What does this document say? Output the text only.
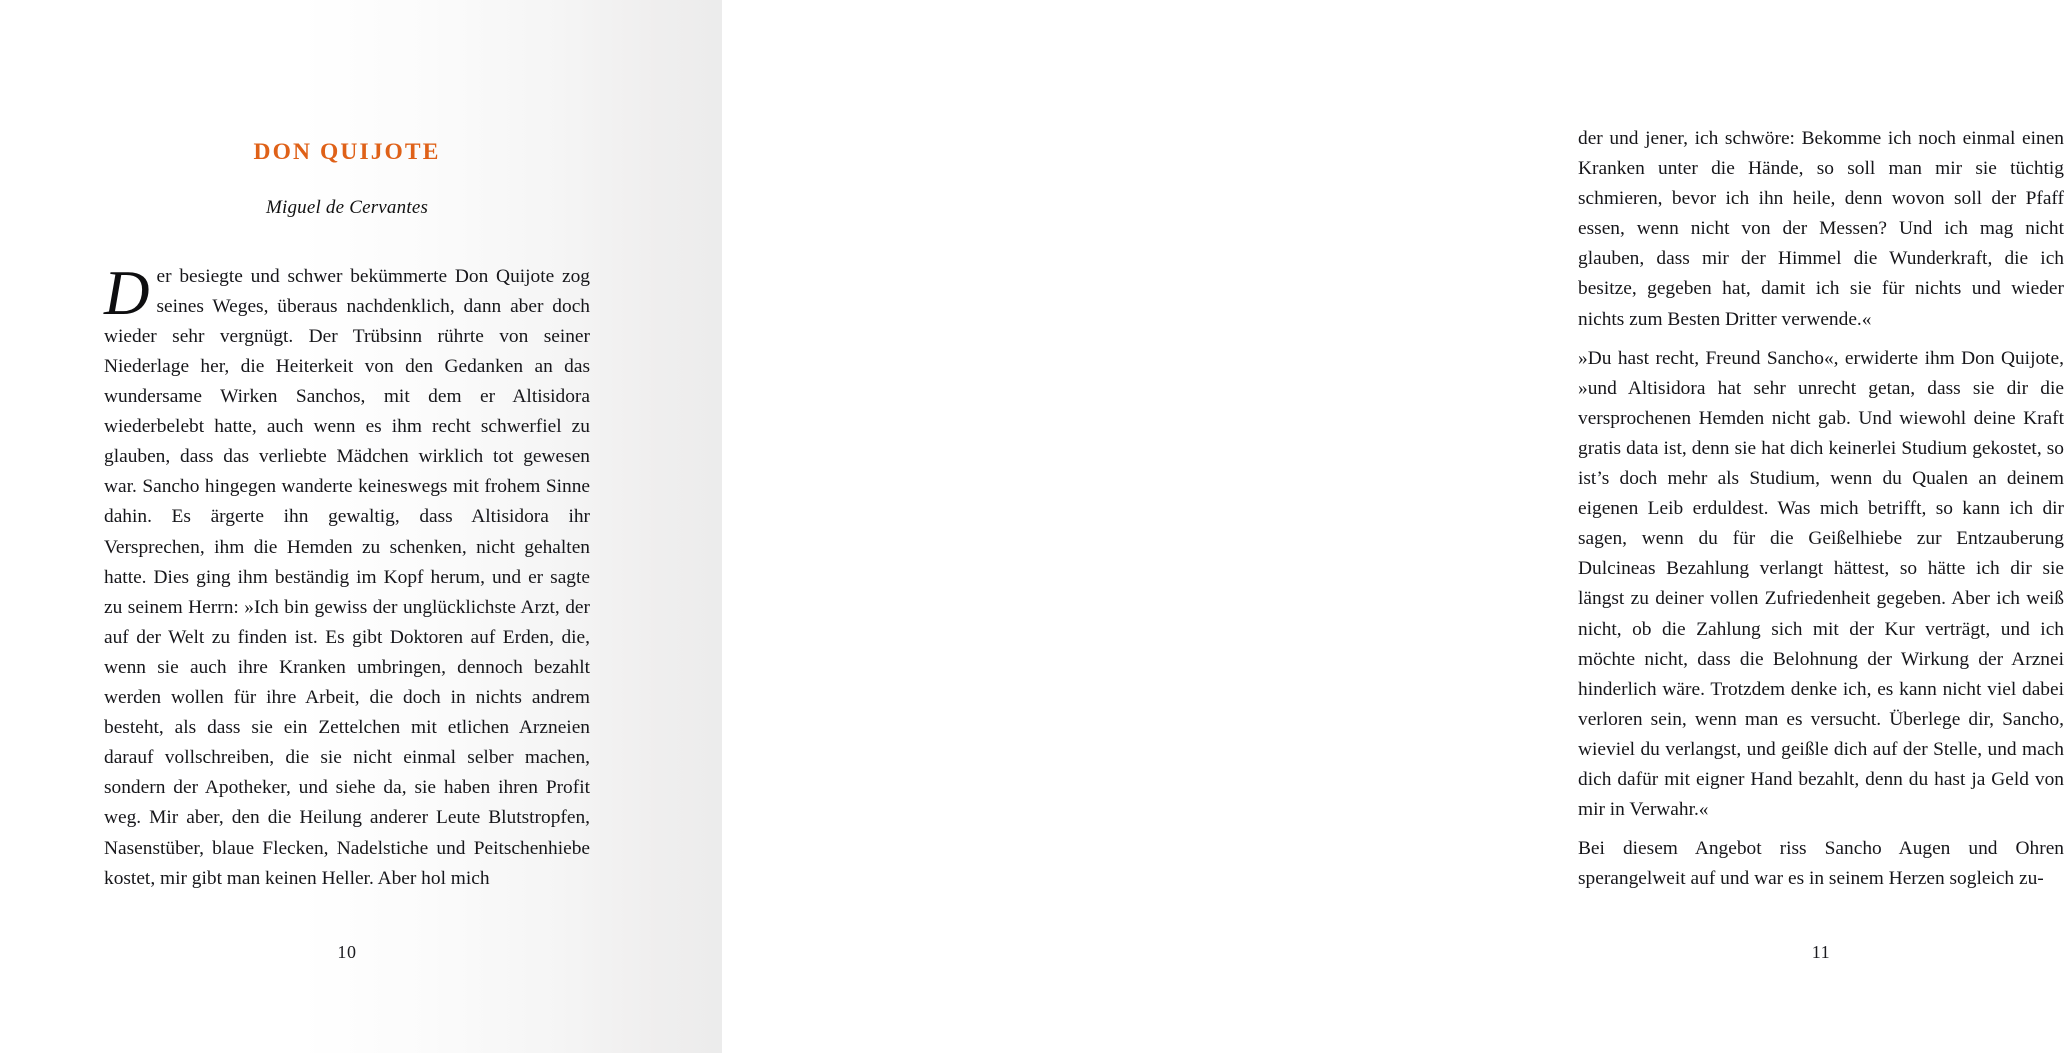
DON QUIJOTE
Miguel de Cervantes

Der besiegte und schwer bekümmerte Don Quijote zog seines Weges, überaus nachdenklich, dann aber doch wieder sehr vergnügt. Der Trübsinn rührte von seiner Niederlage her, die Heiterkeit von den Gedanken an das wundersame Wirken Sanchos, mit dem er Altisidora wiederbelebt hatte, auch wenn es ihm recht schwerfiel zu glauben, dass das verliebte Mädchen wirklich tot gewesen war. Sancho hingegen wanderte keineswegs mit frohem Sinne dahin. Es ärgerte ihn gewaltig, dass Altisidora ihr Versprechen, ihm die Hemden zu schenken, nicht gehalten hatte. Dies ging ihm beständig im Kopf herum, und er sagte zu seinem Herrn: »Ich bin gewiss der unglücklichste Arzt, der auf der Welt zu finden ist. Es gibt Doktoren auf Erden, die, wenn sie auch ihre Kranken umbringen, dennoch bezahlt werden wollen für ihre Arbeit, die doch in nichts andrem besteht, als dass sie ein Zettelchen mit etlichen Arzneien darauf vollschreiben, die sie nicht einmal selber machen, sondern der Apotheker, und siehe da, sie haben ihren Profit weg. Mir aber, den die Heilung anderer Leute Blutstropfen, Nasenstüber, blaue Flecken, Nadelstiche und Peitschenhiebe kostet, mir gibt man keinen Heller. Aber hol mich

10

der und jener, ich schwöre: Bekomme ich noch einmal einen Kranken unter die Hände, so soll man mir sie tüchtig schmieren, bevor ich ihn heile, denn wovon soll der Pfaff essen, wenn nicht von der Messen? Und ich mag nicht glauben, dass mir der Himmel die Wunderkraft, die ich besitze, gegeben hat, damit ich sie für nichts und wieder nichts zum Besten Dritter verwende.«

»Du hast recht, Freund Sancho«, erwiderte ihm Don Quijote, »und Altisidora hat sehr unrecht getan, dass sie dir die versprochenen Hemden nicht gab. Und wiewohl deine Kraft gratis data ist, denn sie hat dich keinerlei Studium gekostet, so ist’s doch mehr als Studium, wenn du Qualen an deinem eigenen Leib erduldest. Was mich betrifft, so kann ich dir sagen, wenn du für die Geißelhiebe zur Entzauberung Dulcineas Bezahlung verlangt hättest, so hätte ich dir sie längst zu deiner vollen Zufriedenheit gegeben. Aber ich weiß nicht, ob die Zahlung sich mit der Kur verträgt, und ich möchte nicht, dass die Belohnung der Wirkung der Arznei hinderlich wäre. Trotzdem denke ich, es kann nicht viel dabei verloren sein, wenn man es versucht. Überlege dir, Sancho, wieviel du verlangst, und geißle dich auf der Stelle, und mach dich dafür mit eigner Hand bezahlt, denn du hast ja Geld von mir in Verwahr.«

Bei diesem Angebot riss Sancho Augen und Ohren sperangelweit auf und war es in seinem Herzen sogleich zu-

11
